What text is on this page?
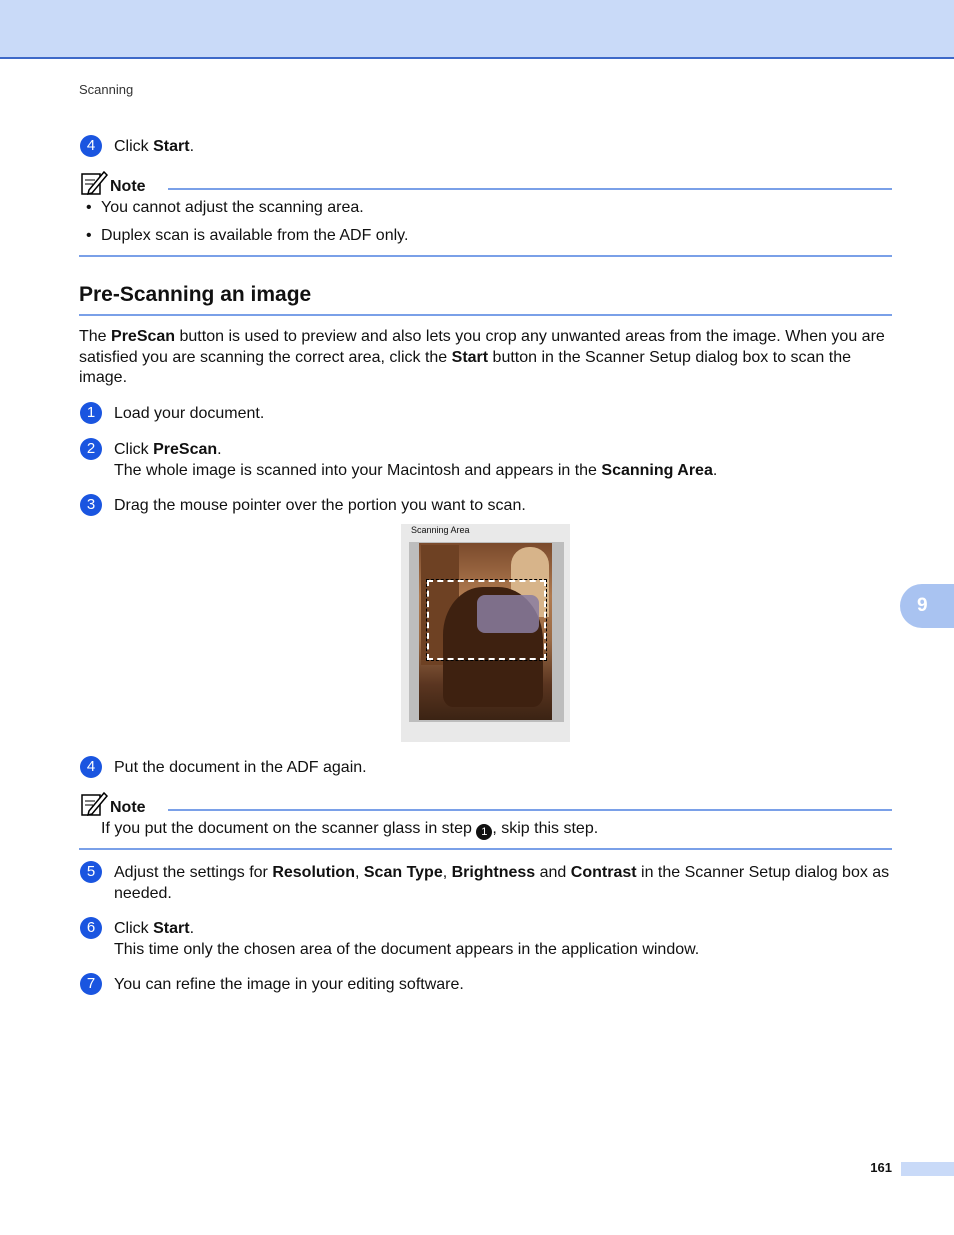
Scanning
4	Click Start.
Note
• You cannot adjust the scanning area.
• Duplex scan is available from the ADF only.
Pre-Scanning an image
The PreScan button is used to preview and also lets you crop any unwanted areas from the image. When you are satisfied you are scanning the correct area, click the Start button in the Scanner Setup dialog box to scan the image.
1	Load your document.
2	Click PreScan.
The whole image is scanned into your Macintosh and appears in the Scanning Area.
3	Drag the mouse pointer over the portion you want to scan.
Scanning Area
4	Put the document in the ADF again.
Note
If you put the document on the scanner glass in step 1 , skip this step.
5	Adjust the settings for Resolution, Scan Type, Brightness and Contrast in the Scanner Setup dialog box as needed.
6	Click Start.
This time only the chosen area of the document appears in the application window.
7	You can refine the image in your editing software.
9
161
